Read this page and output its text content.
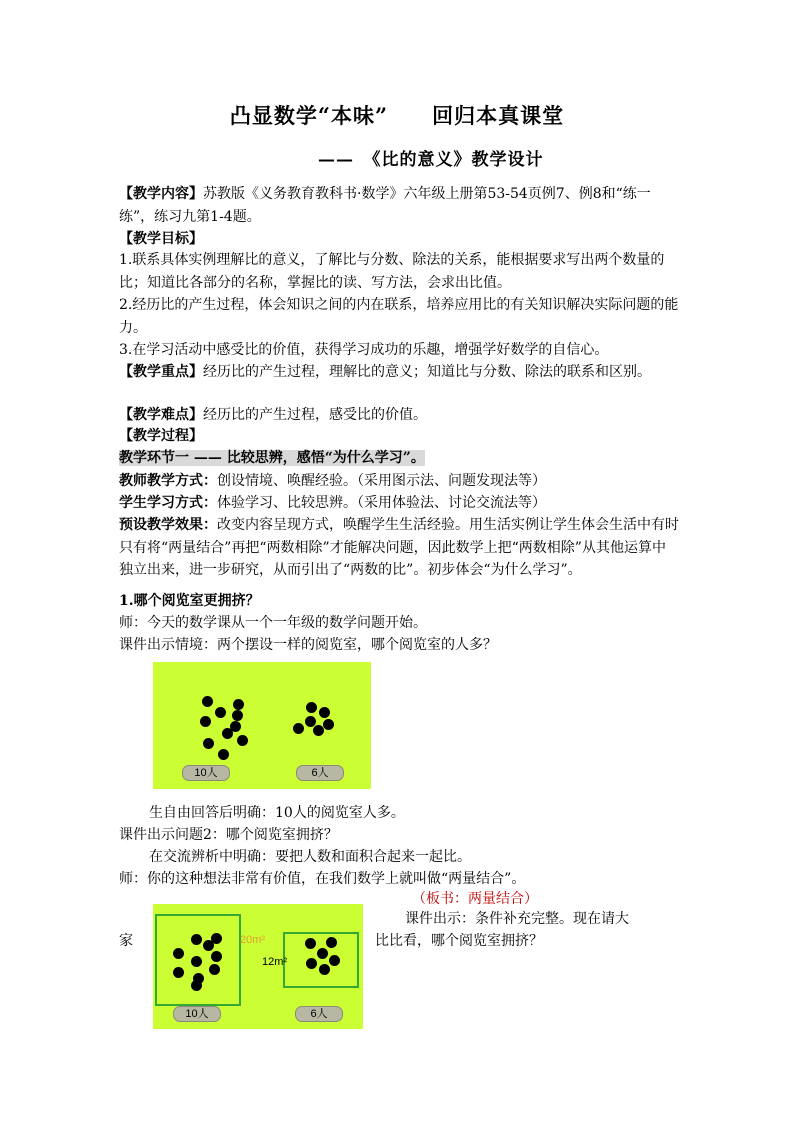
凸显数学“本味”　　回归本真课堂
——　《比的意义》教学设计
【教学内容】苏教版《义务教育教科书·数学》六年级上册第53-54页例7、例8和“练一练”，练习九第1-4题。
【教学目标】
1.联系具体实例理解比的意义，了解比与分数、除法的关系，能根据要求写出两个数量的比；知道比各部分的名称，掌握比的读、写方法，会求出比值。
2.经历比的产生过程，体会知识之间的内在联系，培养应用比的有关知识解决实际问题的能力。
3.在学习活动中感受比的价值，获得学习成功的乐趣，增强学好数学的自信心。
【教学重点】经历比的产生过程，理解比的意义；知道比与分数、除法的联系和区别。
【教学难点】经历比的产生过程，感受比的价值。
【教学过程】
教学环节一 —— 比较思辨，感悟“为什么学习”。
教师教学方式：创设情境、唤醒经验。（采用图示法、问题发现法等）
学生学习方式：体验学习、比较思辨。（采用体验法、讨论交流法等）
预设教学效果：改变内容呈现方式，唤醒学生生活经验。用生活实例让学生体会生活中有时只有将“两量结合”再把“两数相除”才能解决问题，因此数学上把“两数相除”从其他运算中独立出来，进一步研究，从而引出了“两数的比”。初步体会“为什么学习”。
1.哪个阅览室更拥挤？
师：今天的数学课从一个一年级的数学问题开始。
课件出示情境：两个摆设一样的阅览室，哪个阅览室的人多？
10人	6人
生自由回答后明确：10人的阅览室人多。
课件出示问题2：哪个阅览室拥挤？
在交流辨析中明确：要把人数和面积合起来一起比。
师：你的这种想法非常有价值，在我们数学上就叫做“两量结合”。
（板书：两量结合）
20m²
12m²
10人	6人
课件出示：条件补充完整。现在请大
家	比比看，哪个阅览室拥挤？
